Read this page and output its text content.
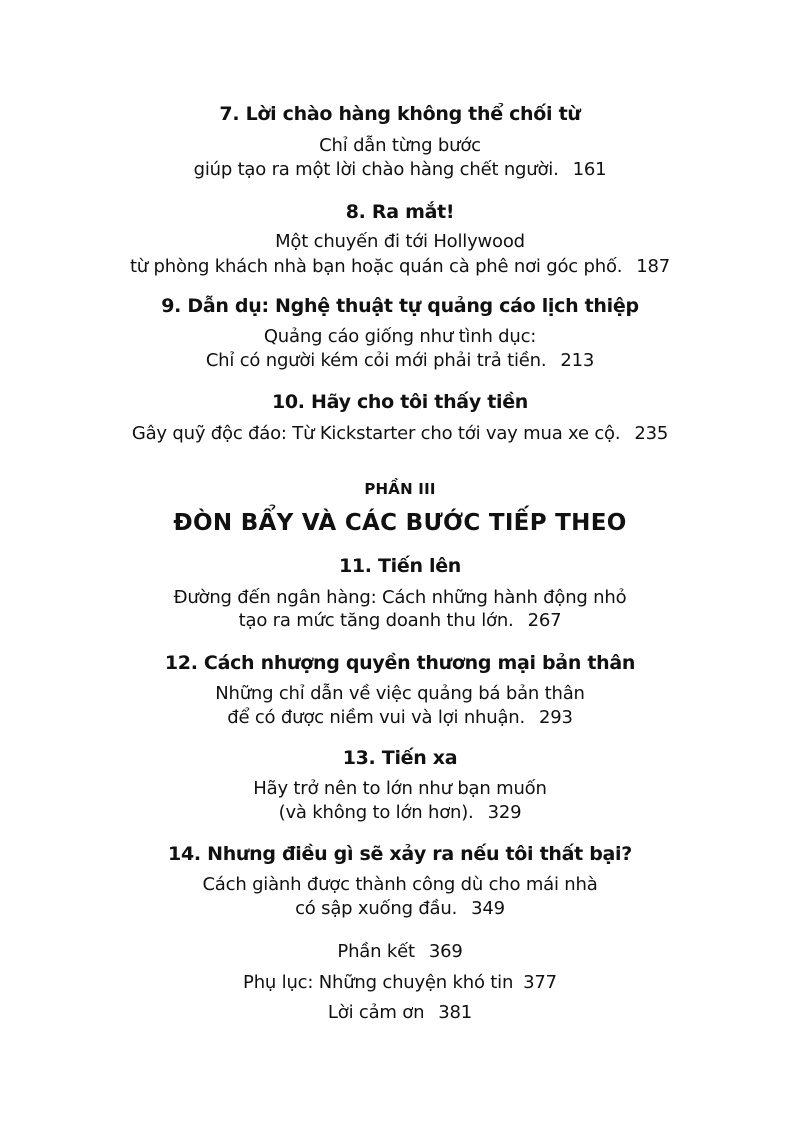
7. Lời chào hàng không thể chối từ
Chỉ dẫn từng bước
giúp tạo ra một lời chào hàng chết người. 161
8. Ra mắt!
Một chuyến đi tới Hollywood
từ phòng khách nhà bạn hoặc quán cà phê nơi góc phố. 187
9. Dẫn dụ: Nghệ thuật tự quảng cáo lịch thiệp
Quảng cáo giống như tình dục:
Chỉ có người kém cỏi mới phải trả tiền. 213
10. Hãy cho tôi thấy tiền
Gây quỹ độc đáo: Từ Kickstarter cho tới vay mua xe cộ. 235
PHẦN III
ĐÒN BẨY VÀ CÁC BƯỚC TIẾP THEO
11. Tiến lên
Đường đến ngân hàng: Cách những hành động nhỏ
tạo ra mức tăng doanh thu lớn. 267
12. Cách nhượng quyền thương mại bản thân
Những chỉ dẫn về việc quảng bá bản thân
để có được niềm vui và lợi nhuận. 293
13. Tiến xa
Hãy trở nên to lớn như bạn muốn
(và không to lớn hơn). 329
14. Nhưng điều gì sẽ xảy ra nếu tôi thất bại?
Cách giành được thành công dù cho mái nhà
có sập xuống đầu. 349
Phần kết 369
Phụ lục: Những chuyện khó tin 377
Lời cảm ơn 381
